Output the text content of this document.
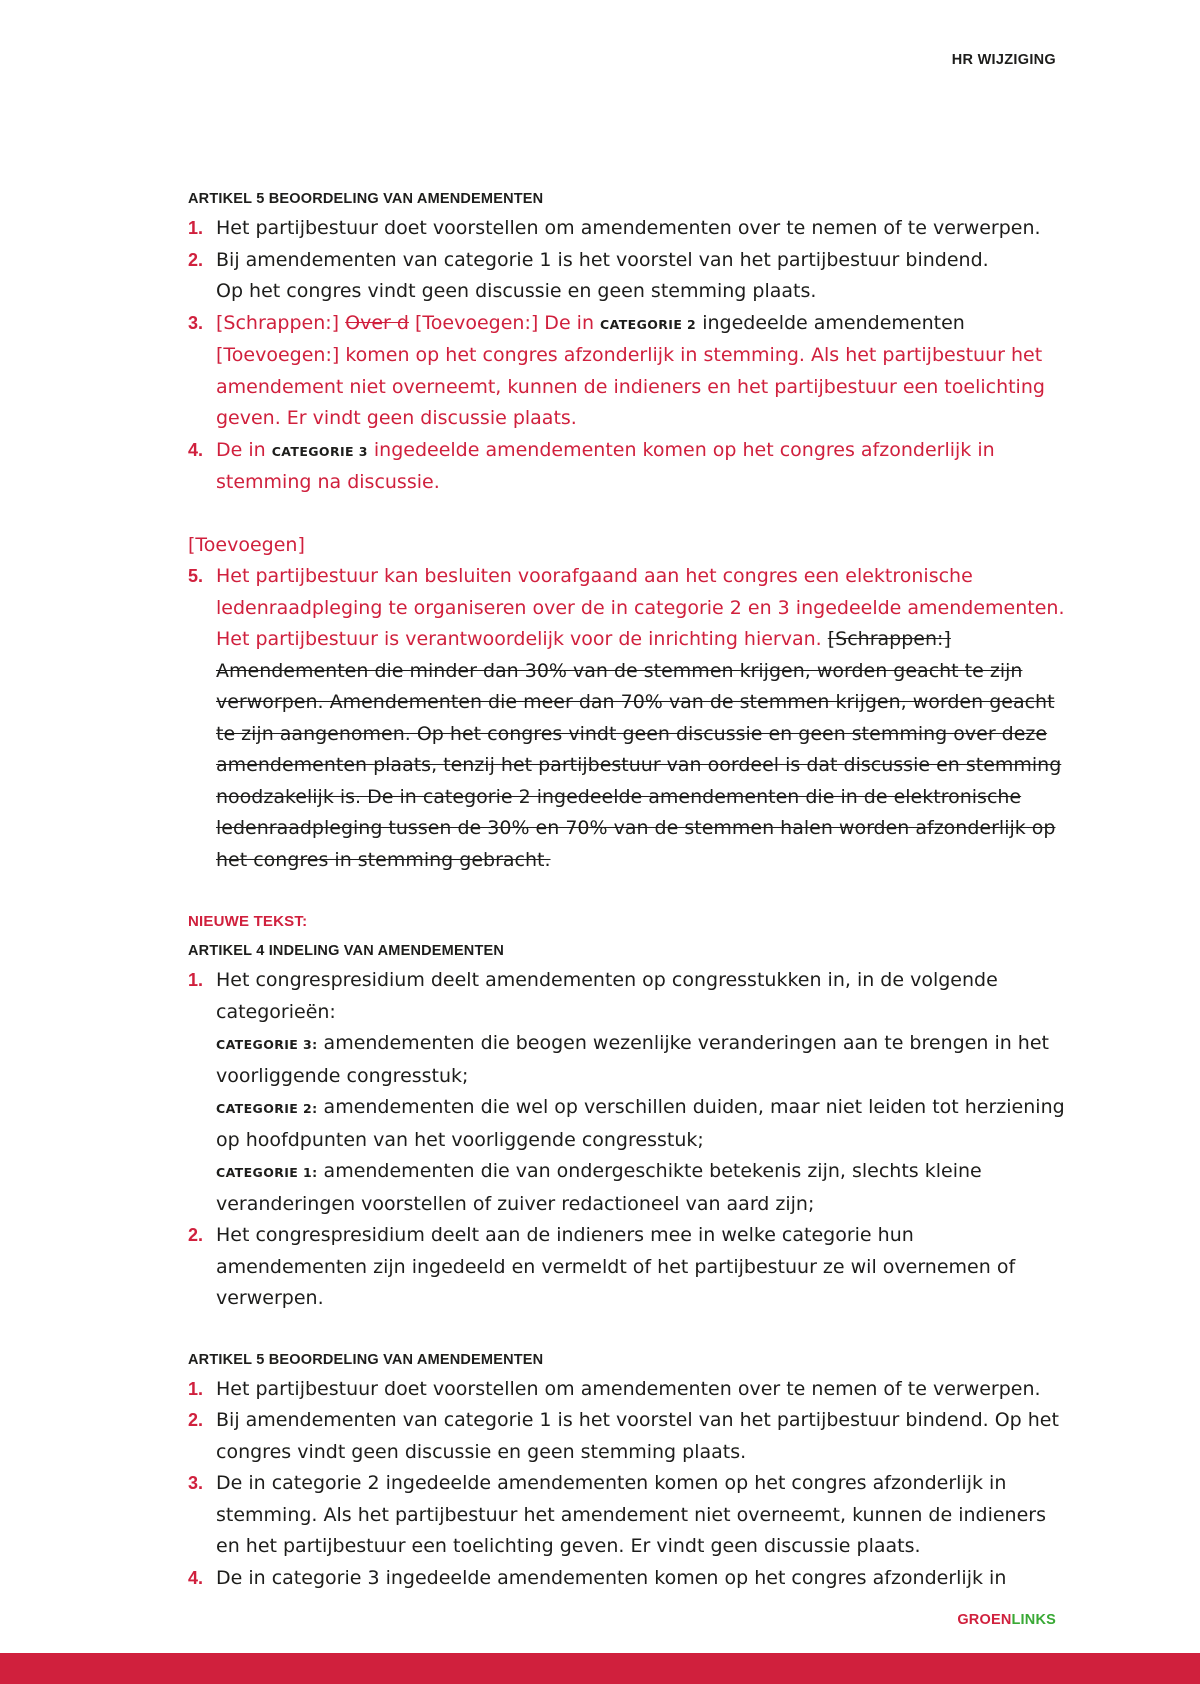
HR WIJZIGING
ARTIKEL 5 BEOORDELING VAN AMENDEMENTEN
1. Het partijbestuur doet voorstellen om amendementen over te nemen of te verwerpen.

2. Bij amendementen van categorie 1 is het voorstel van het partijbestuur bindend.

Op het congres vindt geen discussie en geen stemming plaats.

3. [Schrappen:] Over d [Toevoegen:] De in CATEGORIE 2 ingedeelde amendementen [Toevoegen:] komen op het congres afzonderlijk in stemming. Als het partijbestuur het amendement niet overneemt, kunnen de indieners en het partijbestuur een toelichting geven. Er vindt geen discussie plaats.

4. De in CATEGORIE 3 ingedeelde amendementen komen op het congres afzonderlijk in stemming na discussie.

[Toevoegen]

5. Het partijbestuur kan besluiten voorafgaand aan het congres een elektronische ledenraadpleging te organiseren over de in categorie 2 en 3 ingedeelde amendementen. Het partijbestuur is verantwoordelijk voor de inrichting hiervan. [Schrappen:] Amendementen die minder dan 30% van de stemmen krijgen, worden geacht te zijn verworpen. Amendementen die meer dan 70% van de stemmen krijgen, worden geacht te zijn aangenomen. Op het congres vindt geen discussie en geen stemming over deze amendementen plaats, tenzij het partijbestuur van oordeel is dat discussie en stemming noodzakelijk is. De in categorie 2 ingedeelde amendementen die in de elektronische ledenraadpleging tussen de 30% en 70% van de stemmen halen worden afzonderlijk op het congres in stemming gebracht.

NIEUWE TEKST:

ARTIKEL 4 INDELING VAN AMENDEMENTEN
1. Het congrespresidium deelt amendementen op congresstukken in, in de volgende categorieën:

CATEGORIE 3: amendementen die beogen wezenlijke veranderingen aan te brengen in het voorliggende congresstuk;

CATEGORIE 2: amendementen die wel op verschillen duiden, maar niet leiden tot herziening op hoofdpunten van het voorliggende congresstuk;

CATEGORIE 1: amendementen die van ondergeschikte betekenis zijn, slechts kleine veranderingen voorstellen of zuiver redactioneel van aard zijn;

2. Het congrespresidium deelt aan de indieners mee in welke categorie hun amendementen zijn ingedeeld en vermeldt of het partijbestuur ze wil overnemen of verwerpen.

ARTIKEL 5 BEOORDELING VAN AMENDEMENTEN
1. Het partijbestuur doet voorstellen om amendementen over te nemen of te verwerpen.

2. Bij amendementen van categorie 1 is het voorstel van het partijbestuur bindend. Op het congres vindt geen discussie en geen stemming plaats.

3. De in categorie 2 ingedeelde amendementen komen op het congres afzonderlijk in stemming. Als het partijbestuur het amendement niet overneemt, kunnen de indieners en het partijbestuur een toelichting geven. Er vindt geen discussie plaats.

4. De in categorie 3 ingedeelde amendementen komen op het congres afzonderlijk in

GROENLINKS
